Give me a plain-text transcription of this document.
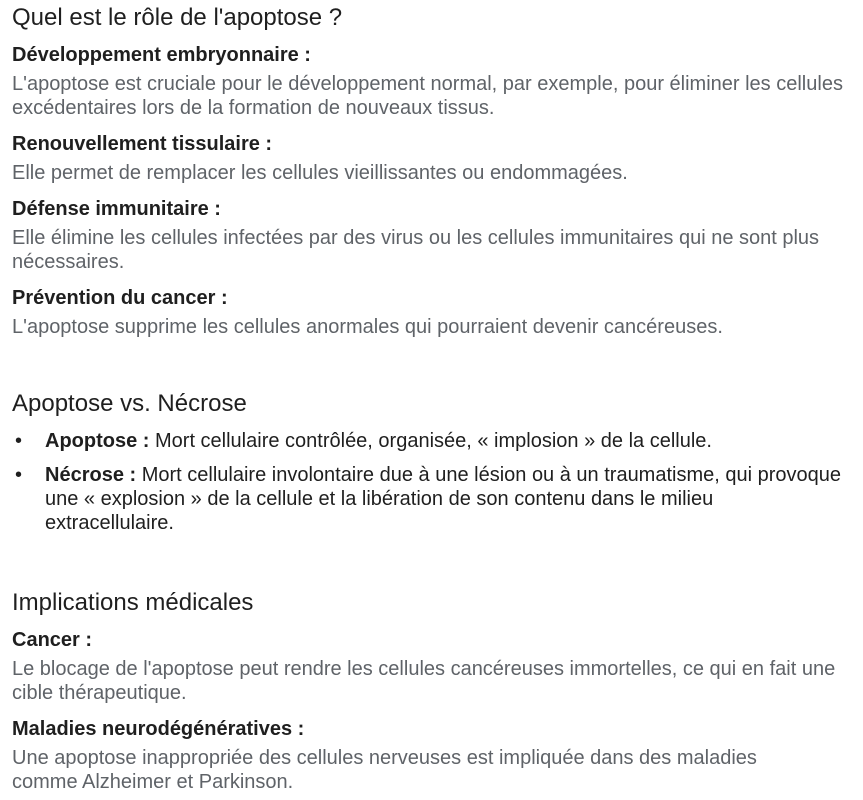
Quel est le rôle de l'apoptose ?

Développement embryonnaire :

L'apoptose est cruciale pour le développement normal, par exemple, pour éliminer les cellules excédentaires lors de la formation de nouveaux tissus.

Renouvellement tissulaire :

Elle permet de remplacer les cellules vieillissantes ou endommagées.

Défense immunitaire :

Elle élimine les cellules infectées par des virus ou les cellules immunitaires qui ne sont plus nécessaires.

Prévention du cancer :

L'apoptose supprime les cellules anormales qui pourraient devenir cancéreuses.

Apoptose vs. Nécrose
• Apoptose : Mort cellulaire contrôlée, organisée, « implosion » de la cellule.
• Nécrose : Mort cellulaire involontaire due à une lésion ou à un traumatisme, qui provoque une « explosion » de la cellule et la libération de son contenu dans le milieu extracellulaire.
Implications médicales

Cancer :

Le blocage de l'apoptose peut rendre les cellules cancéreuses immortelles, ce qui en fait une cible thérapeutique.

Maladies neurodégénératives :

Une apoptose inappropriée des cellules nerveuses est impliquée dans des maladies comme Alzheimer et Parkinson.
